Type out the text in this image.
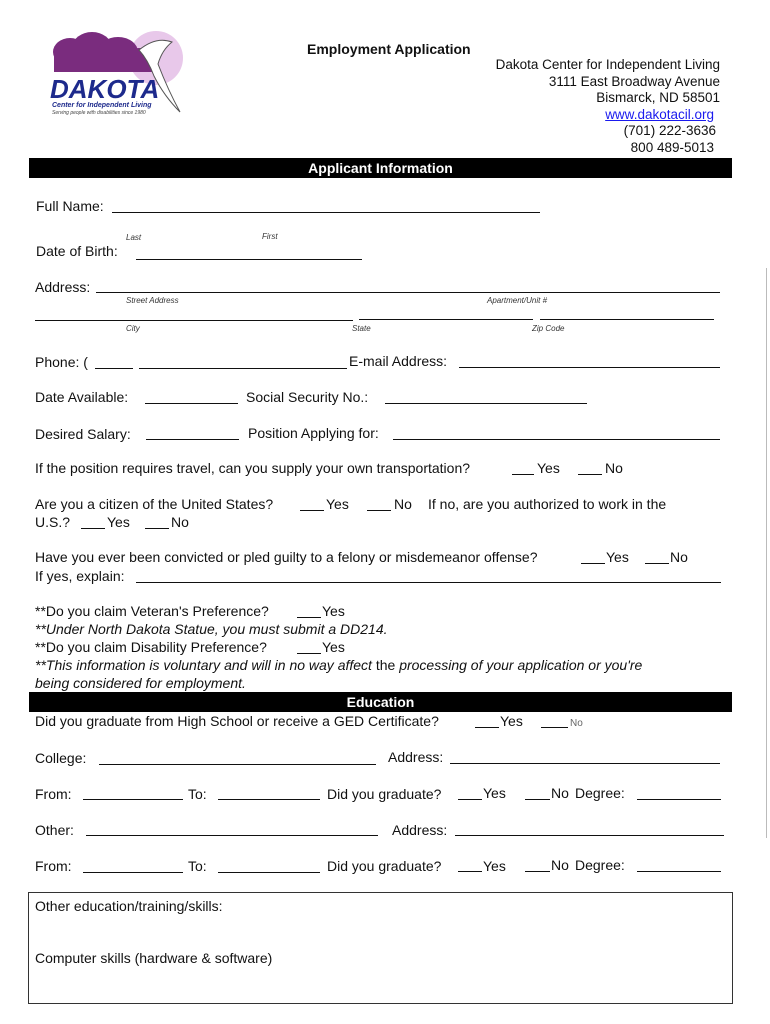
DAKOTA
Center for Independent Living
Serving people with disabilities since 1980
Employment Application
Dakota Center for Independent Living
3111 East Broadway Avenue
Bismarck, ND 58501
www.dakotacil.org
(701) 222-3636
800 489-5013
Applicant Information
Full Name:
Last	First
Date of Birth:
Address:
Street Address	Apartment/Unit #
City	State	Zip Code
Phone: (	E-mail Address:
Date Available:	Social Security No.:
Desired Salary:	Position Applying for:
If the position requires travel, can you supply your own transportation?	Yes	No
Are you a citizen of the United States?	Yes	No If no, are you authorized to work in the
U.S.?	Yes	No
Have you ever been convicted or pled guilty to a felony or misdemeanor offense?	Yes	No
If yes, explain:
**Do you claim Veteran's Preference?	Yes
**Under North Dakota Statue, you must submit a DD214.
**Do you claim Disability Preference?	Yes
**This information is voluntary and will in no way affect the processing of your application or you're
being considered for employment.
Education
Did you graduate from High School or receive a GED Certificate?	Yes	No
College:	Address:
From:	To:	Did you graduate?	Yes	No Degree:
Other:	Address:
From:	To:	Did you graduate?	Yes	No Degree:
Other education/training/skills:
Computer skills (hardware & software)
